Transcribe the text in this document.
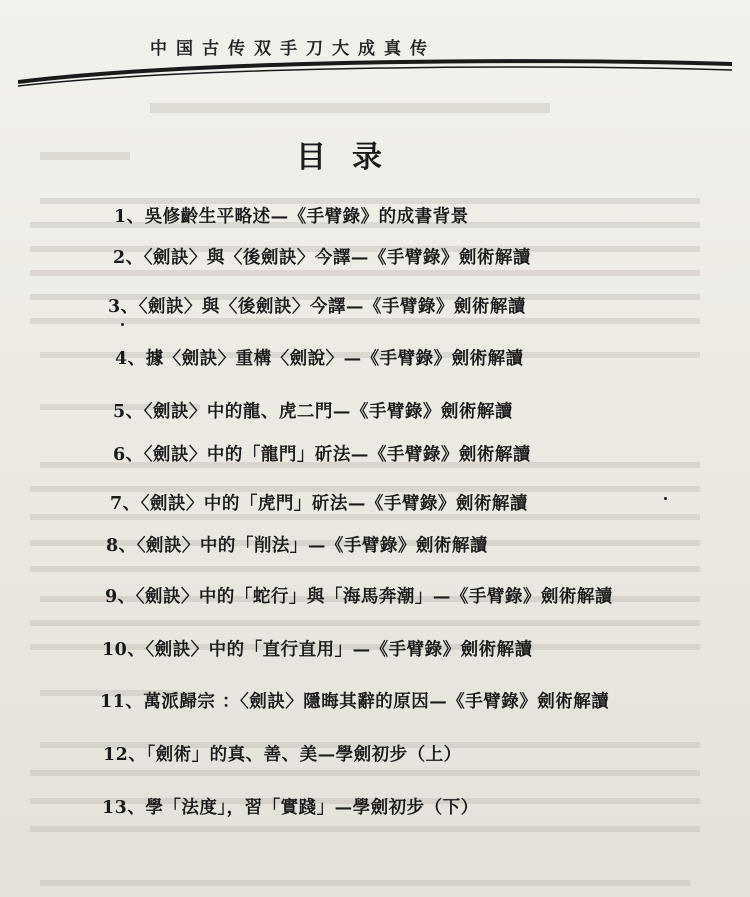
中国古传双手刀大成真传
目录
1、吳修齡生平略述—《手臂錄》的成書背景
2、〈劍訣〉與〈後劍訣〉今譯—《手臂錄》劍術解讀
3、〈劍訣〉與〈後劍訣〉今譯—《手臂錄》劍術解讀
4、據〈劍訣〉重構〈劍說〉—《手臂錄》劍術解讀
5、〈劍訣〉中的龍、虎二門—《手臂錄》劍術解讀
6、〈劍訣〉中的「龍門」斫法—《手臂錄》劍術解讀
7、〈劍訣〉中的「虎門」斫法—《手臂錄》劍術解讀
8、〈劍訣〉中的「削法」—《手臂錄》劍術解讀
9、〈劍訣〉中的「蛇行」與「海馬奔潮」—《手臂錄》劍術解讀
10、〈劍訣〉中的「直行直用」—《手臂錄》劍術解讀
11、萬派歸宗 ：〈劍訣〉隱晦其辭的原因—《手臂錄》劍術解讀
12、「劍術」的真、善、美—學劍初步（上）
13、學「法度」，習「實踐」—學劍初步（下）
